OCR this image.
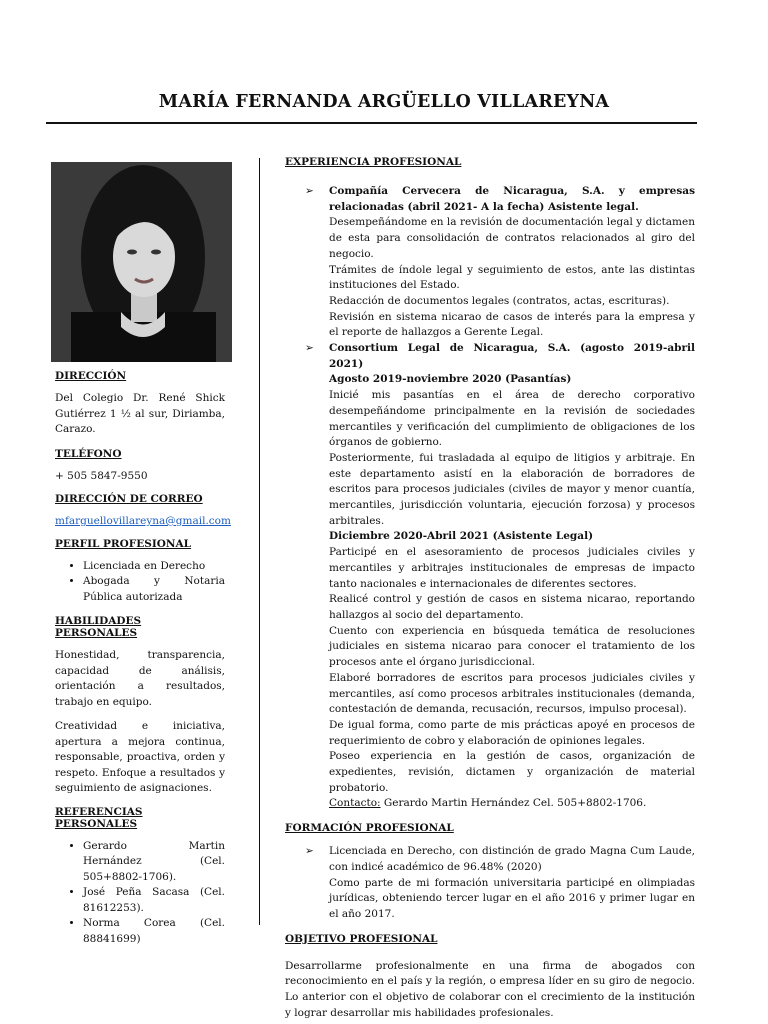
MARÍA FERNANDA ARGÜELLO VILLAREYNA

DIRECCIÓN

Del Colegio Dr. René Shick Gutiérrez 1 ½ al sur, Diriamba, Carazo.

TELÉFONO

+ 505 5847-9550

DIRECCIÓN DE CORREO

mfarguellovillareyna@gmail.com

PERFIL PROFESIONAL

• Licenciada en Derecho
• Abogada y Notaria Pública autorizada

HABILIDADES PERSONALES

Honestidad, transparencia, capacidad de análisis, orientación a resultados, trabajo en equipo.

Creatividad e iniciativa, apertura a mejora continua, responsable, proactiva, orden y respeto. Enfoque a resultados y seguimiento de asignaciones.

REFERENCIAS PERSONALES

• Gerardo Martin Hernández (Cel. 505+8802-1706).
• José Peña Sacasa (Cel. 81612253).
• Norma Corea (Cel. 88841699)

EXPERIENCIA PROFESIONAL

➢ Compañía Cervecera de Nicaragua, S.A. y empresas relacionadas (abril 2021- A la fecha) Asistente legal.

Desempeñándome en la revisión de documentación legal y dictamen de esta para consolidación de contratos relacionados al giro del negocio.

Trámites de índole legal y seguimiento de estos, ante las distintas instituciones del Estado.

Redacción de documentos legales (contratos, actas, escrituras).

Revisión en sistema nicarao de casos de interés para la empresa y el reporte de hallazgos a Gerente Legal.

➢ Consortium Legal de Nicaragua, S.A. (agosto 2019-abril 2021)
Agosto 2019-noviembre 2020 (Pasantías)

Inicié mis pasantías en el área de derecho corporativo desempeñándome principalmente en la revisión de sociedades mercantiles y verificación del cumplimiento de obligaciones de los órganos de gobierno.

Posteriormente, fui trasladada al equipo de litigios y arbitraje. En este departamento asistí en la elaboración de borradores de escritos para procesos judiciales (civiles de mayor y menor cuantía, mercantiles, jurisdicción voluntaria, ejecución forzosa) y procesos arbitrales.

Diciembre 2020-Abril 2021 (Asistente Legal)

Participé en el asesoramiento de procesos judiciales civiles y mercantiles y arbitrajes institucionales de empresas de impacto tanto nacionales e internacionales de diferentes sectores.

Realicé control y gestión de casos en sistema nicarao, reportando hallazgos al socio del departamento.

Cuento con experiencia en búsqueda temática de resoluciones judiciales en sistema nicarao para conocer el tratamiento de los procesos ante el órgano jurisdiccional.

Elaboré borradores de escritos para procesos judiciales civiles y mercantiles, así como procesos arbitrales institucionales (demanda, contestación de demanda, recusación, recursos, impulso procesal).

De igual forma, como parte de mis prácticas apoyé en procesos de requerimiento de cobro y elaboración de opiniones legales.

Poseo experiencia en la gestión de casos, organización de expedientes, revisión, dictamen y organización de material probatorio.

Contacto: Gerardo Martin Hernández Cel. 505+8802-1706.

FORMACIÓN PROFESIONAL

➢ Licenciada en Derecho, con distinción de grado Magna Cum Laude, con indicé académico de 96.48% (2020)

Como parte de mi formación universitaria participé en olimpiadas jurídicas, obteniendo tercer lugar en el año 2016 y primer lugar en el año 2017.

OBJETIVO PROFESIONAL

Desarrollarme profesionalmente en una firma de abogados con reconocimiento en el país y la región, o empresa líder en su giro de negocio. Lo anterior con el objetivo de colaborar con el crecimiento de la institución y lograr desarrollar mis habilidades profesionales.
